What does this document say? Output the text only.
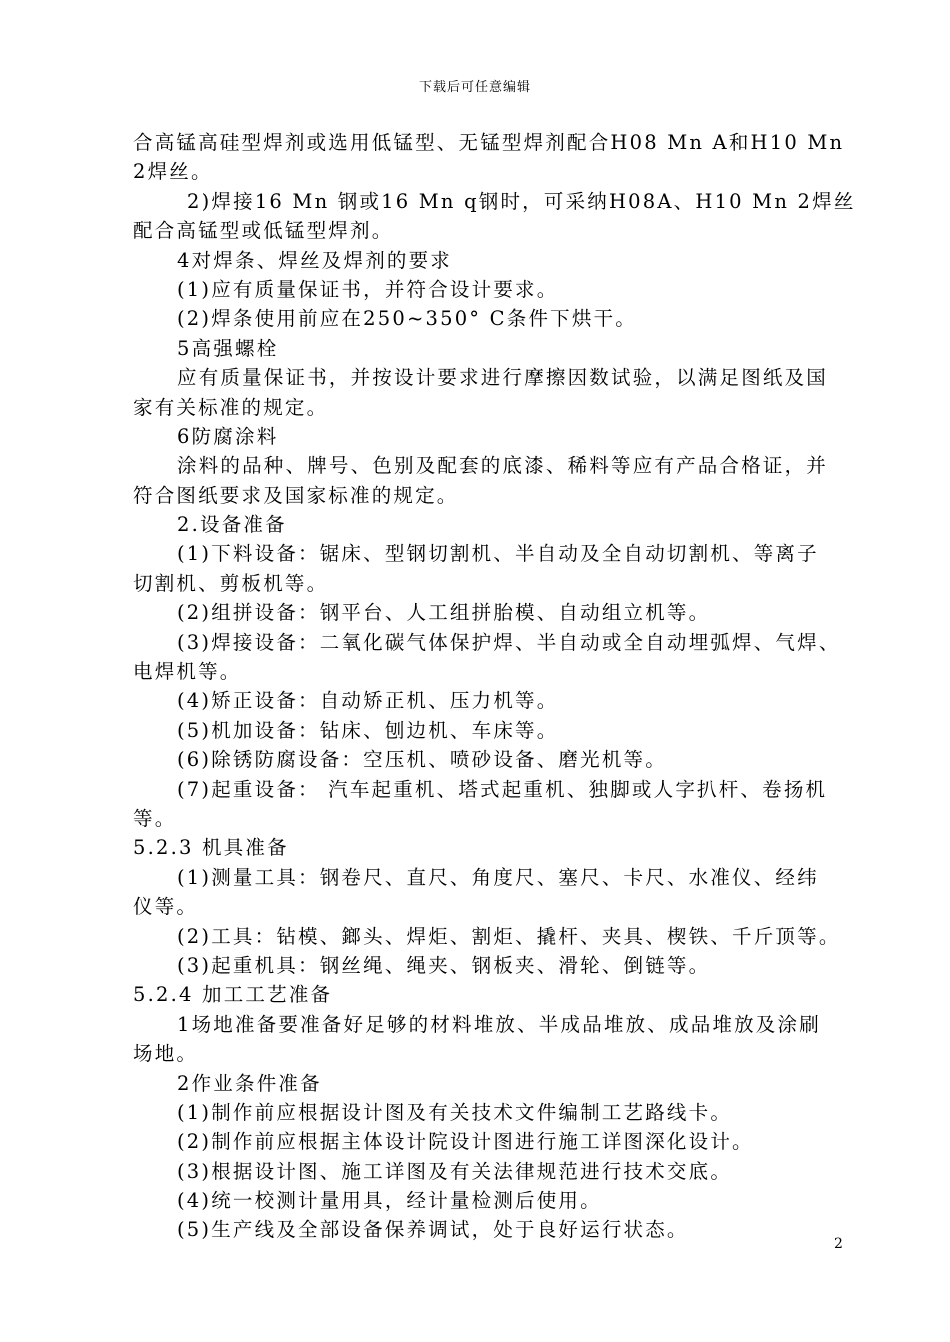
下载后可任意编辑
合高锰高硅型焊剂或选用低锰型、无锰型焊剂配合H08 Mn A和H10 Mn
2焊丝。
2)焊接16 Mn 钢或16 Mn q钢时，可采纳H08A、H10 Mn 2焊丝
配合高锰型或低锰型焊剂。
4对焊条、焊丝及焊剂的要求
(1)应有质量保证书，并符合设计要求。
(2)焊条使用前应在250~350° C条件下烘干。
5高强螺栓
应有质量保证书，并按设计要求进行摩擦因数试验，以满足图纸及国
家有关标准的规定。
6防腐涂料
涂料的品种、牌号、色别及配套的底漆、稀料等应有产品合格证，并
符合图纸要求及国家标准的规定。
2.设备准备
(1)下料设备：锯床、型钢切割机、半自动及全自动切割机、等离子
切割机、剪板机等。
(2)组拼设备：钢平台、人工组拼胎模、自动组立机等。
(3)焊接设备：二氧化碳气体保护焊、半自动或全自动埋弧焊、气焊、
电焊机等。
(4)矫正设备：自动矫正机、压力机等。
(5)机加设备：钻床、刨边机、车床等。
(6)除锈防腐设备：空压机、喷砂设备、磨光机等。
(7)起重设备： 汽车起重机、塔式起重机、独脚或人字扒杆、卷扬机
等。
5.2.3 机具准备
(1)测量工具：钢卷尺、直尺、角度尺、塞尺、卡尺、水准仪、经纬
仪等。
(2)工具：钻模、鎯头、焊炬、割炬、撬杆、夹具、楔铁、千斤顶等。
(3)起重机具：钢丝绳、绳夹、钢板夹、滑轮、倒链等。
5.2.4 加工工艺准备
1场地准备要准备好足够的材料堆放、半成品堆放、成品堆放及涂刷
场地。
2作业条件准备
(1)制作前应根据设计图及有关技术文件编制工艺路线卡。
(2)制作前应根据主体设计院设计图进行施工详图深化设计。
(3)根据设计图、施工详图及有关法律规范进行技术交底。
(4)统一校测计量用具，经计量检测后使用。
(5)生产线及全部设备保养调试，处于良好运行状态。
2
